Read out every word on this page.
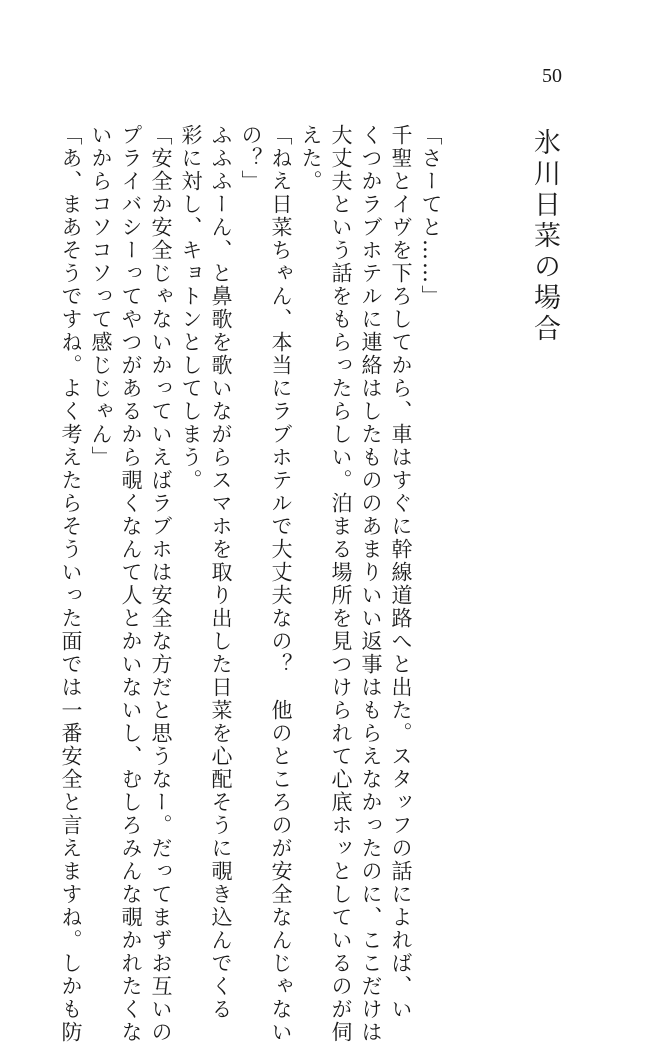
50
氷川日菜の場合
「さーてと……」
千聖とイヴを下ろしてから、車はすぐに幹線道路へと出た。スタッフの話によれば、い
くつかラブホテルに連絡はしたもののあまりいい返事はもらえなかったのに、ここだけは
大丈夫という話をもらったらしい。泊まる場所を見つけられて心底ホッとしているのが伺
えた。
「ねえ日菜ちゃん、本当にラブホテルで大丈夫なの？　他のところのが安全なんじゃない
の？」
ふふふーん、と鼻歌を歌いながらスマホを取り出した日菜を心配そうに覗き込んでくる
彩に対し、キョトンとしてしまう。
「安全か安全じゃないかっていえばラブホは安全な方だと思うなー。だってまずお互いの
プライバシーってやつがあるから覗くなんて人とかいないし、むしろみんな覗かれたくな
いからコソコソって感じじゃん」
「あ、まあそうですね。よく考えたらそういった面では一番安全と言えますね。しかも防
